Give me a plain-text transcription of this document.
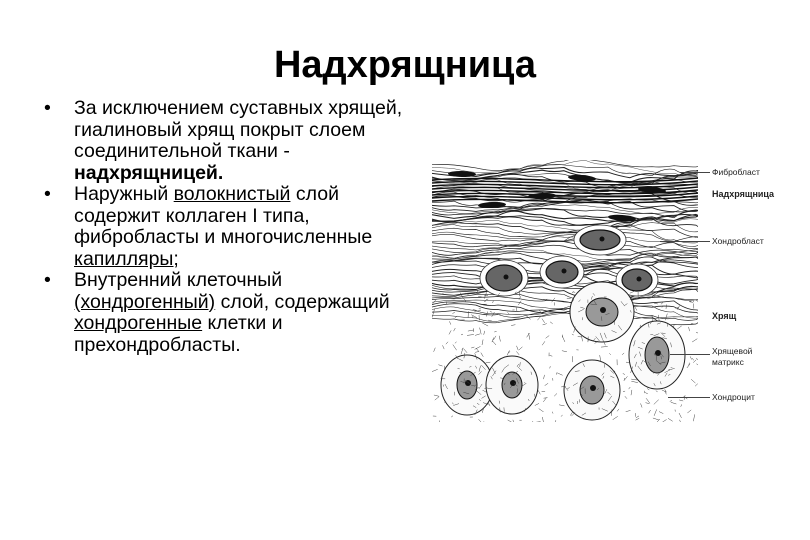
Надхрящница
• За исключением суставных хрящей, гиалиновый хрящ покрыт слоем соединительной ткани - надхрящницей.
• Наружный волокнистый слой содержит коллаген I типа, фибробласты и многочисленные капилляры;
• Внутренний клеточный (хондрогенный) слой, содержащий хондрогенные клетки и прехондробласты.
Фибробласт
Надхрящница
Хондробласт
Хрящ
Хрящевой
матрикс
Хондроцит
